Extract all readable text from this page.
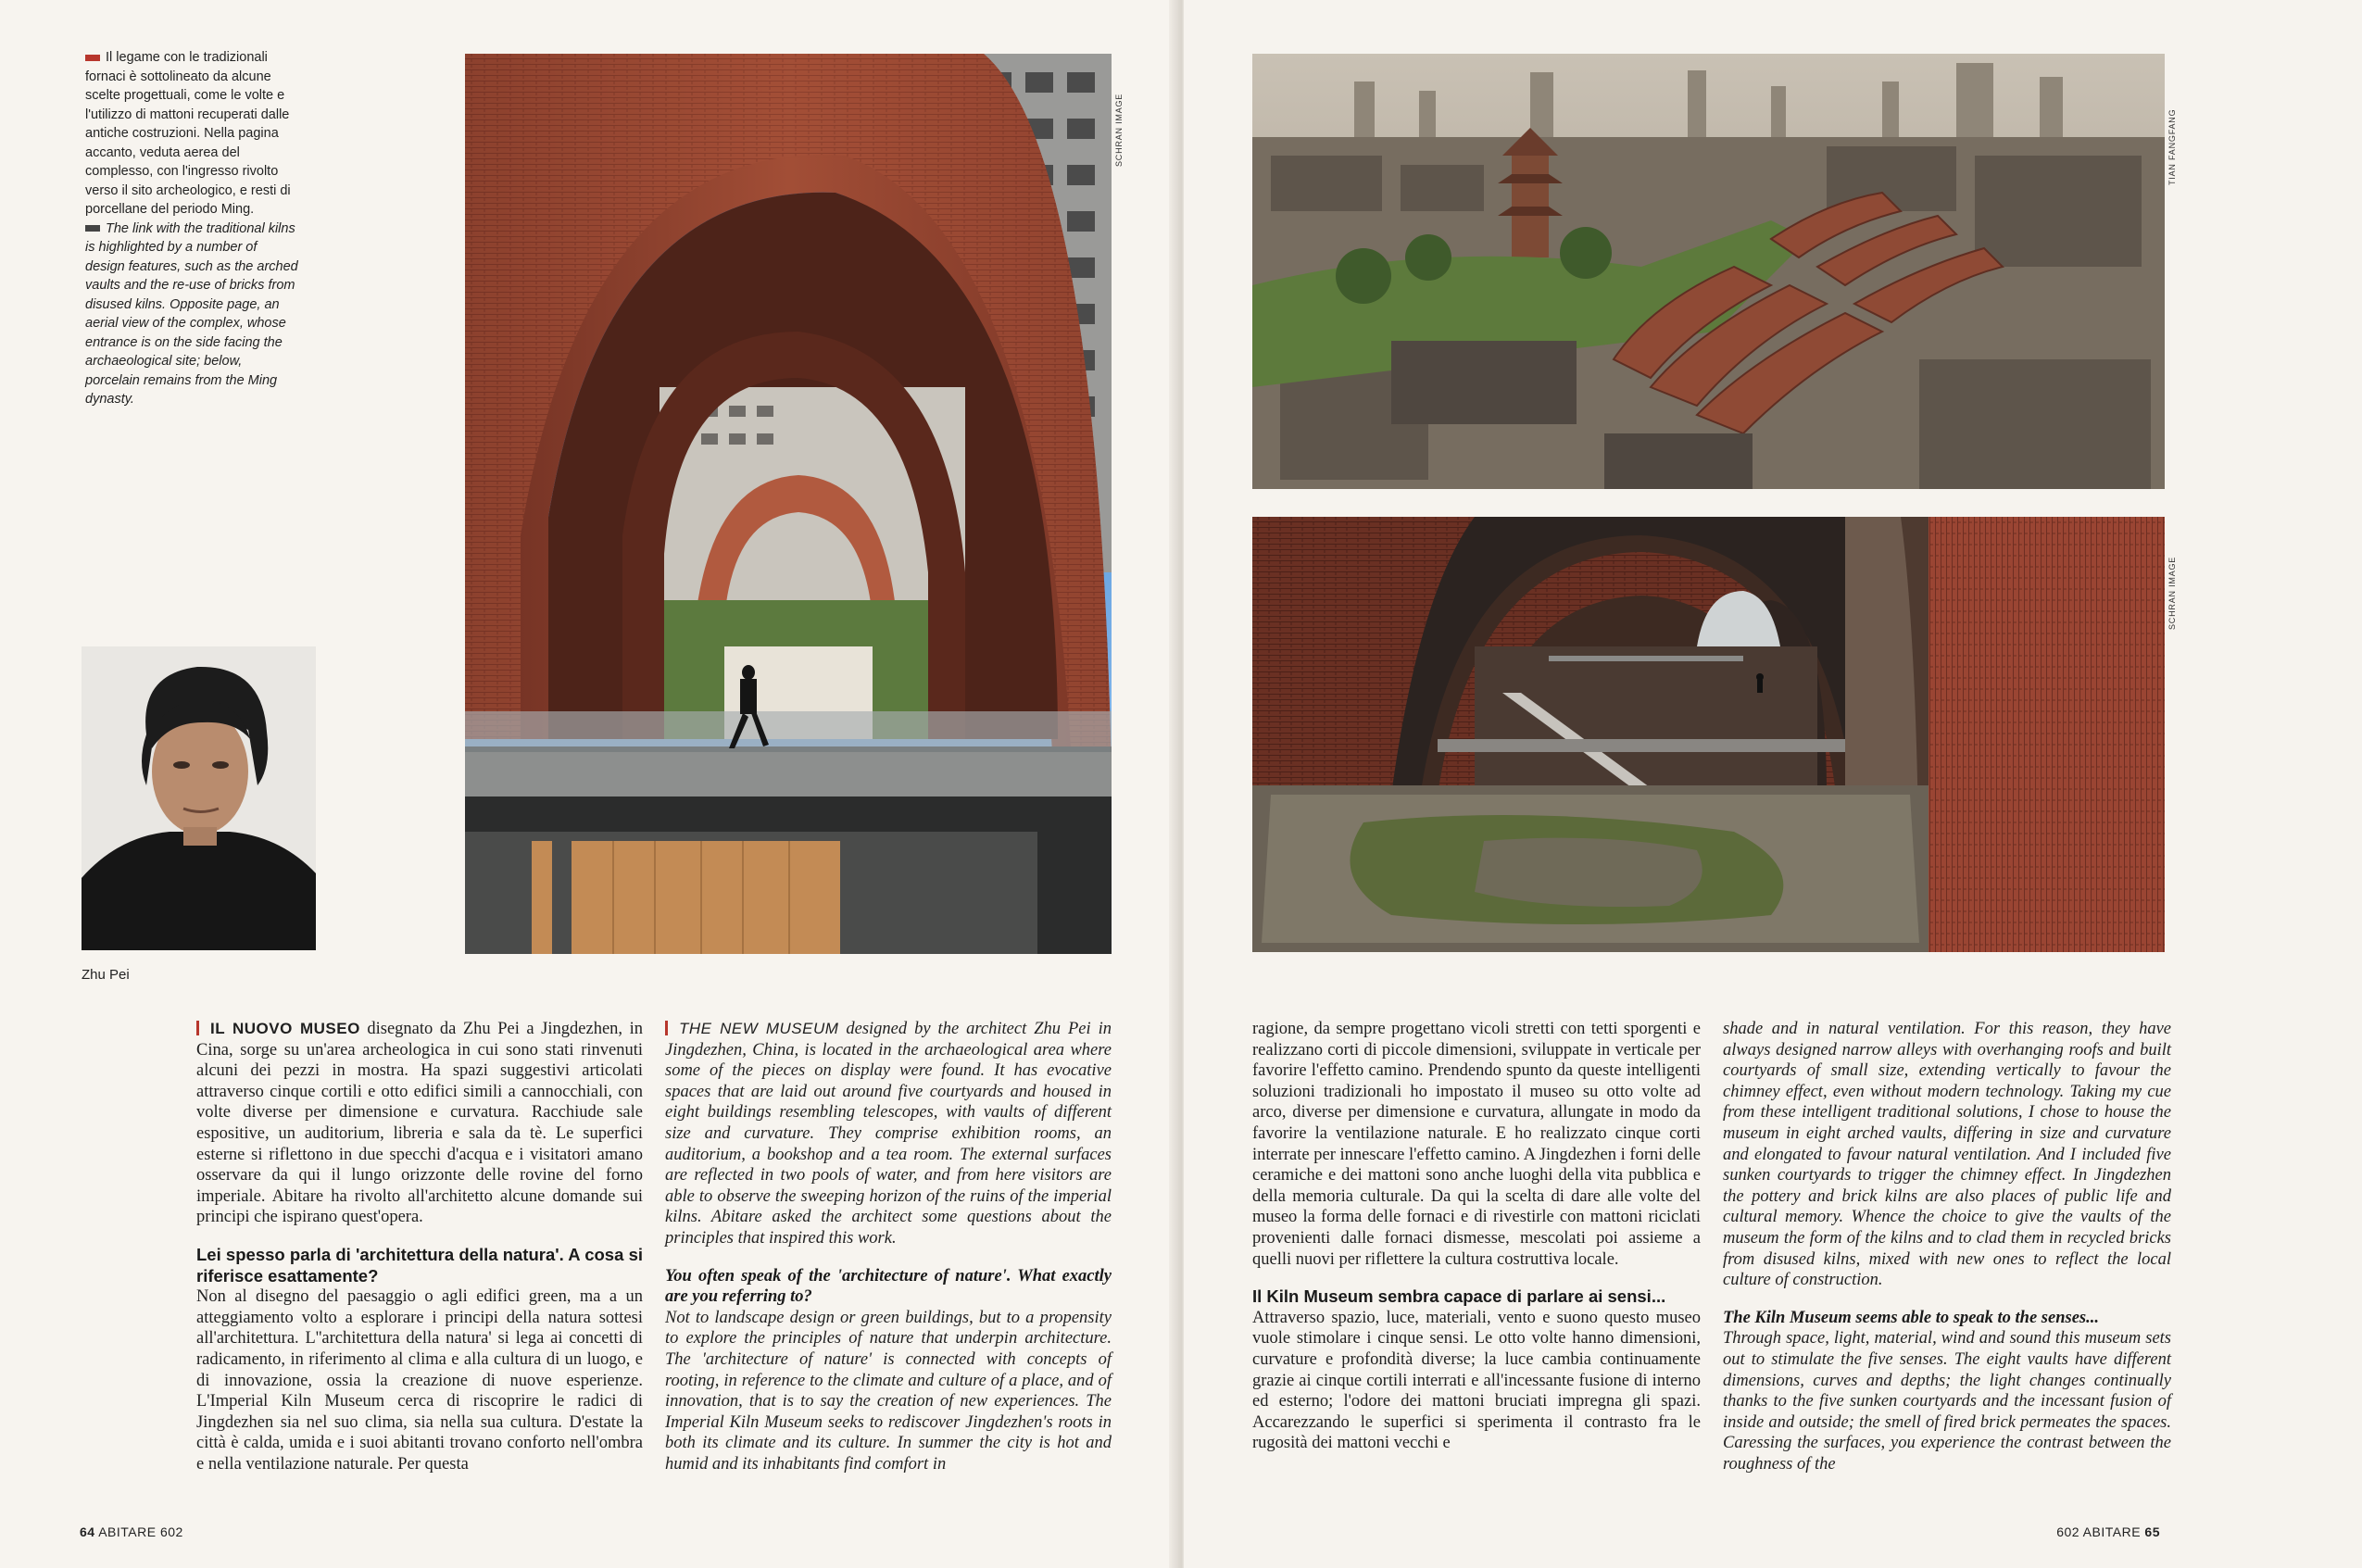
Il legame con le tradizionali fornaci è sottolineato da alcune scelte progettuali, come le volte e l'utilizzo di mattoni recuperati dalle antiche costruzioni. Nella pagina accanto, veduta aerea del complesso, con l'ingresso rivolto verso il sito archeologico, e resti di porcellane del periodo Ming.
The link with the traditional kilns is highlighted by a number of design features, such as the arched vaults and the re-use of bricks from disused kilns. Opposite page, an aerial view of the complex, whose entrance is on the side facing the archaeological site; below, porcelain remains from the Ming dynasty.
Zhu Pei
SCHRAN IMAGE

IL NUOVO MUSEO disegnato da Zhu Pei a Jingdezhen, in Cina, sorge su un'area archeologica in cui sono stati rinvenuti alcuni dei pezzi in mostra. Ha spazi suggestivi articolati attraverso cinque cortili e otto edifici simili a cannocchiali, con volte diverse per dimensione e curvatura. Racchiude sale espositive, un auditorium, libreria e sala da tè. Le superfici esterne si riflettono in due specchi d'acqua e i visitatori amano osservare da qui il lungo orizzonte delle rovine del forno imperiale. Abitare ha rivolto all'architetto alcune domande sui principi che ispirano quest'opera.

Lei spesso parla di 'architettura della natura'. A cosa si riferisce esattamente?

Non al disegno del paesaggio o agli edifici green, ma a un atteggiamento volto a esplorare i principi della natura sottesi all'architettura. L''architettura della natura' si lega ai concetti di radicamento, in riferimento al clima e alla cultura di un luogo, e di innovazione, ossia la creazione di nuove esperienze. L'Imperial Kiln Museum cerca di riscoprire le radici di Jingdezhen sia nel suo clima, sia nella sua cultura. D'estate la città è calda, umida e i suoi abitanti trovano conforto nell'ombra e nella ventilazione naturale. Per questa

THE NEW MUSEUM designed by the architect Zhu Pei in Jingdezhen, China, is located in the archaeological area where some of the pieces on display were found. It has evocative spaces that are laid out around five courtyards and housed in eight buildings resembling telescopes, with vaults of different size and curvature. They comprise exhibition rooms, an auditorium, a bookshop and a tea room. The external surfaces are reflected in two pools of water, and from here visitors are able to observe the sweeping horizon of the ruins of the imperial kilns. Abitare asked the architect some questions about the principles that inspired this work.

You often speak of the 'architecture of nature'. What exactly are you referring to?

Not to landscape design or green buildings, but to a propensity to explore the principles of nature that underpin architecture. The 'architecture of nature' is connected with concepts of rooting, in reference to the climate and culture of a place, and of innovation, that is to say the creation of new experiences. The Imperial Kiln Museum seeks to rediscover Jingdezhen's roots in both its climate and its culture. In summer the city is hot and humid and its inhabitants find comfort in

64 ABITARE 602
TIAN FANGFANG
SCHRAN IMAGE

ragione, da sempre progettano vicoli stretti con tetti sporgenti e realizzano corti di piccole dimensioni, sviluppate in verticale per favorire l'effetto camino. Prendendo spunto da queste intelligenti soluzioni tradizionali ho impostato il museo su otto volte ad arco, diverse per dimensione e curvatura, allungate in modo da favorire la ventilazione naturale. E ho realizzato cinque corti interrate per innescare l'effetto camino. A Jingdezhen i forni delle ceramiche e dei mattoni sono anche luoghi della vita pubblica e della memoria culturale. Da qui la scelta di dare alle volte del museo la forma delle fornaci e di rivestirle con mattoni riciclati provenienti dalle fornaci dismesse, mescolati poi assieme a quelli nuovi per riflettere la cultura costruttiva locale.

Il Kiln Museum sembra capace di parlare ai sensi...

Attraverso spazio, luce, materiali, vento e suono questo museo vuole stimolare i cinque sensi. Le otto volte hanno dimensioni, curvature e profondità diverse; la luce cambia continuamente grazie ai cinque cortili interrati e all'incessante fusione di interno ed esterno; l'odore dei mattoni bruciati impregna gli spazi. Accarezzando le superfici si sperimenta il contrasto fra le rugosità dei mattoni vecchi e

shade and in natural ventilation. For this reason, they have always designed narrow alleys with overhanging roofs and built courtyards of small size, extending vertically to favour the chimney effect, even without modern technology. Taking my cue from these intelligent traditional solutions, I chose to house the museum in eight arched vaults, differing in size and curvature and elongated to favour natural ventilation. And I included five sunken courtyards to trigger the chimney effect. In Jingdezhen the pottery and brick kilns are also places of public life and cultural memory. Whence the choice to give the vaults of the museum the form of the kilns and to clad them in recycled bricks from disused kilns, mixed with new ones to reflect the local culture of construction.

The Kiln Museum seems able to speak to the senses...

Through space, light, material, wind and sound this museum sets out to stimulate the five senses. The eight vaults have different dimensions, curves and depths; the light changes continually thanks to the five sunken courtyards and the incessant fusion of inside and outside; the smell of fired brick permeates the spaces. Caressing the surfaces, you experience the contrast between the roughness of the

602 ABITARE 65
